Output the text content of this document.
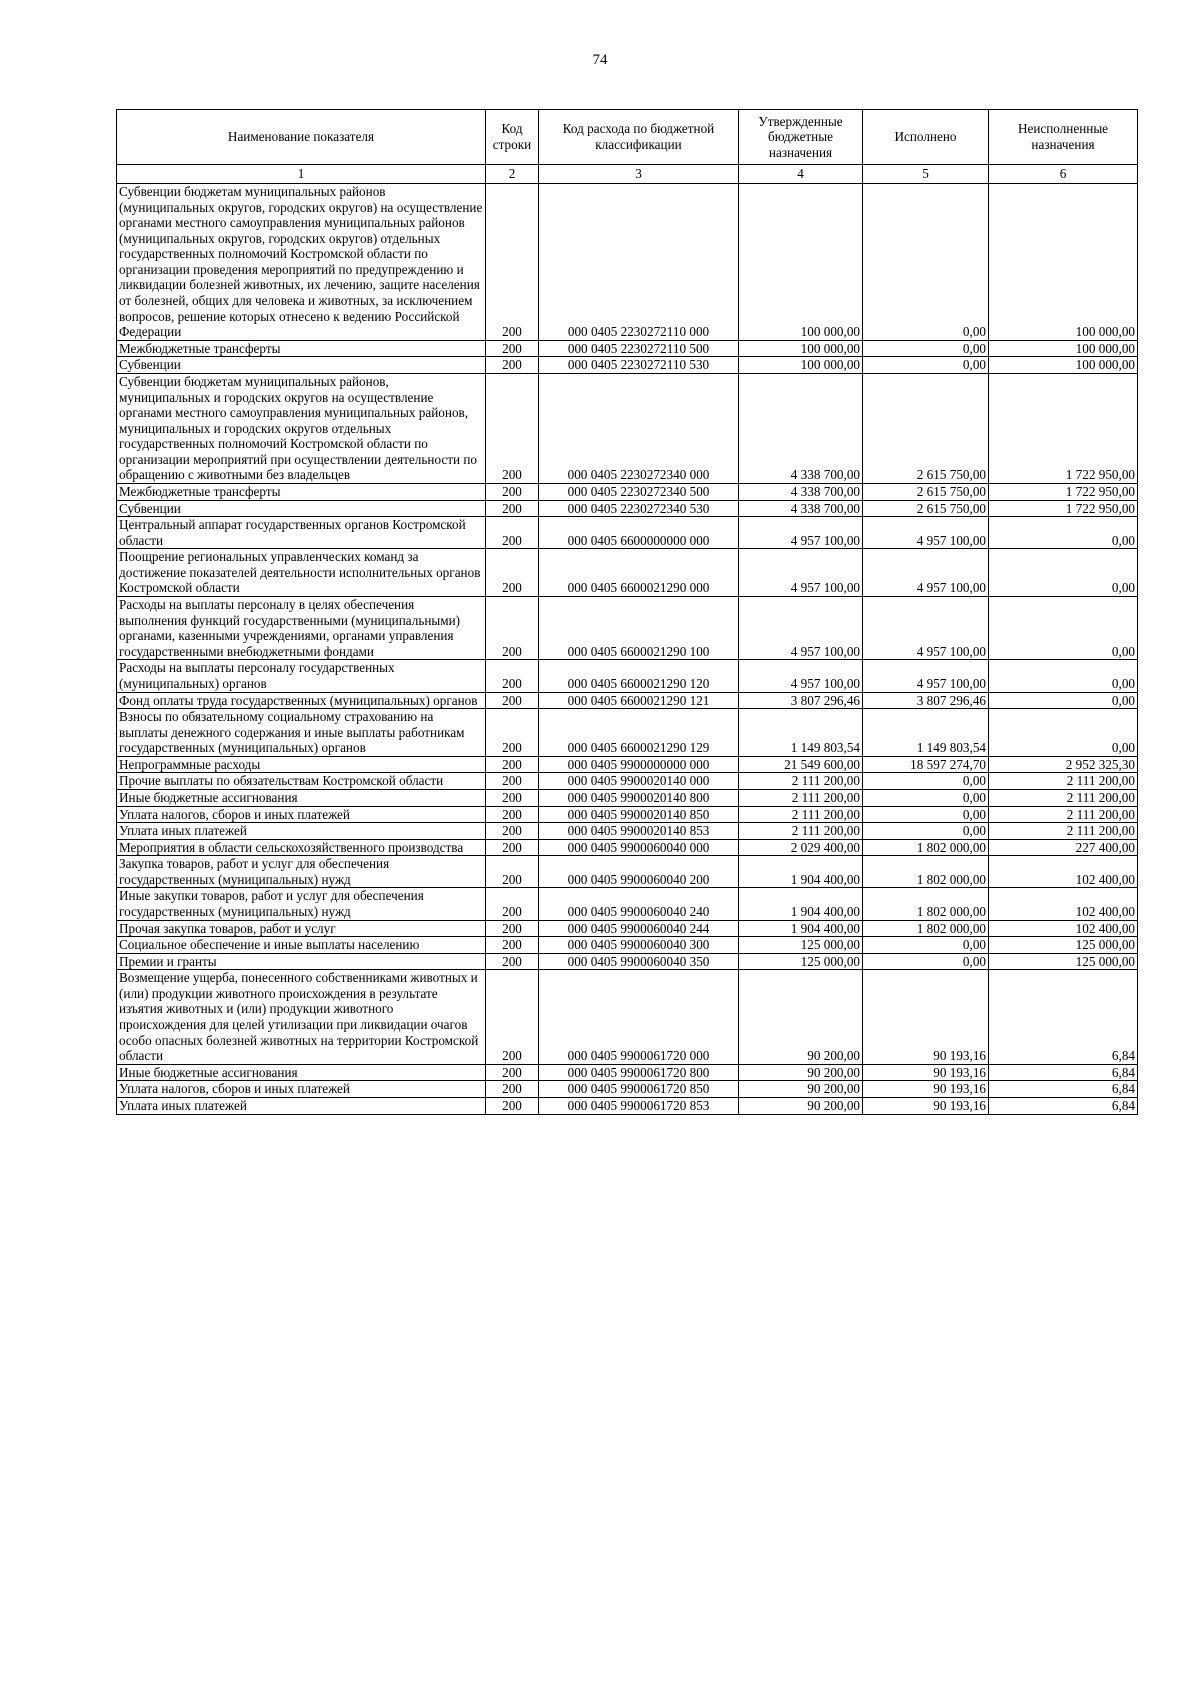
74
Наименование показателя	Код строки	Код расхода по бюджетной классификации	Утвержденные бюджетные назначения	Исполнено	Неисполненные назначения
1	2	3	4	5	6
Субвенции бюджетам муниципальных районов (муниципальных округов, городских округов) на осуществление органами местного самоуправления муниципальных районов (муниципальных округов, городских округов) отдельных государственных полномочий Костромской области по организации проведения мероприятий по предупреждению и ликвидации болезней животных, их лечению, защите населения от болезней, общих для человека и животных, за исключением вопросов, решение которых отнесено к ведению Российской Федерации	200	000 0405 2230272110 000	100 000,00	0,00	100 000,00
Межбюджетные трансферты	200	000 0405 2230272110 500	100 000,00	0,00	100 000,00
Субвенции	200	000 0405 2230272110 530	100 000,00	0,00	100 000,00
Субвенции бюджетам муниципальных районов, муниципальных и городских округов на осуществление органами местного самоуправления муниципальных районов, муниципальных и городских округов отдельных государственных полномочий Костромской области по организации мероприятий при осуществлении деятельности по обращению с животными без владельцев	200	000 0405 2230272340 000	4 338 700,00	2 615 750,00	1 722 950,00
Межбюджетные трансферты	200	000 0405 2230272340 500	4 338 700,00	2 615 750,00	1 722 950,00
Субвенции	200	000 0405 2230272340 530	4 338 700,00	2 615 750,00	1 722 950,00
Центральный аппарат государственных органов Костромской области	200	000 0405 6600000000 000	4 957 100,00	4 957 100,00	0,00
Поощрение региональных управленческих команд за достижение показателей деятельности исполнительных органов Костромской области	200	000 0405 6600021290 000	4 957 100,00	4 957 100,00	0,00
Расходы на выплаты персоналу в целях обеспечения выполнения функций государственными (муниципальными) органами, казенными учреждениями, органами управления государственными внебюджетными фондами	200	000 0405 6600021290 100	4 957 100,00	4 957 100,00	0,00
Расходы на выплаты персоналу государственных (муниципальных) органов	200	000 0405 6600021290 120	4 957 100,00	4 957 100,00	0,00
Фонд оплаты труда государственных (муниципальных) органов	200	000 0405 6600021290 121	3 807 296,46	3 807 296,46	0,00
Взносы по обязательному социальному страхованию на выплаты денежного содержания и иные выплаты работникам государственных (муниципальных) органов	200	000 0405 6600021290 129	1 149 803,54	1 149 803,54	0,00
Непрограммные расходы	200	000 0405 9900000000 000	21 549 600,00	18 597 274,70	2 952 325,30
Прочие выплаты по обязательствам Костромской области	200	000 0405 9900020140 000	2 111 200,00	0,00	2 111 200,00
Иные бюджетные ассигнования	200	000 0405 9900020140 800	2 111 200,00	0,00	2 111 200,00
Уплата налогов, сборов и иных платежей	200	000 0405 9900020140 850	2 111 200,00	0,00	2 111 200,00
Уплата иных платежей	200	000 0405 9900020140 853	2 111 200,00	0,00	2 111 200,00
Мероприятия в области сельскохозяйственного производства	200	000 0405 9900060040 000	2 029 400,00	1 802 000,00	227 400,00
Закупка товаров, работ и услуг для обеспечения государственных (муниципальных) нужд	200	000 0405 9900060040 200	1 904 400,00	1 802 000,00	102 400,00
Иные закупки товаров, работ и услуг для обеспечения государственных (муниципальных) нужд	200	000 0405 9900060040 240	1 904 400,00	1 802 000,00	102 400,00
Прочая закупка товаров, работ и услуг	200	000 0405 9900060040 244	1 904 400,00	1 802 000,00	102 400,00
Социальное обеспечение и иные выплаты населению	200	000 0405 9900060040 300	125 000,00	0,00	125 000,00
Премии и гранты	200	000 0405 9900060040 350	125 000,00	0,00	125 000,00
Возмещение ущерба, понесенного собственниками животных и (или) продукции животного происхождения в результате изъятия животных и (или) продукции животного происхождения для целей утилизации при ликвидации очагов особо опасных болезней животных на территории Костромской области	200	000 0405 9900061720 000	90 200,00	90 193,16	6,84
Иные бюджетные ассигнования	200	000 0405 9900061720 800	90 200,00	90 193,16	6,84
Уплата налогов, сборов и иных платежей	200	000 0405 9900061720 850	90 200,00	90 193,16	6,84
Уплата иных платежей	200	000 0405 9900061720 853	90 200,00	90 193,16	6,84
